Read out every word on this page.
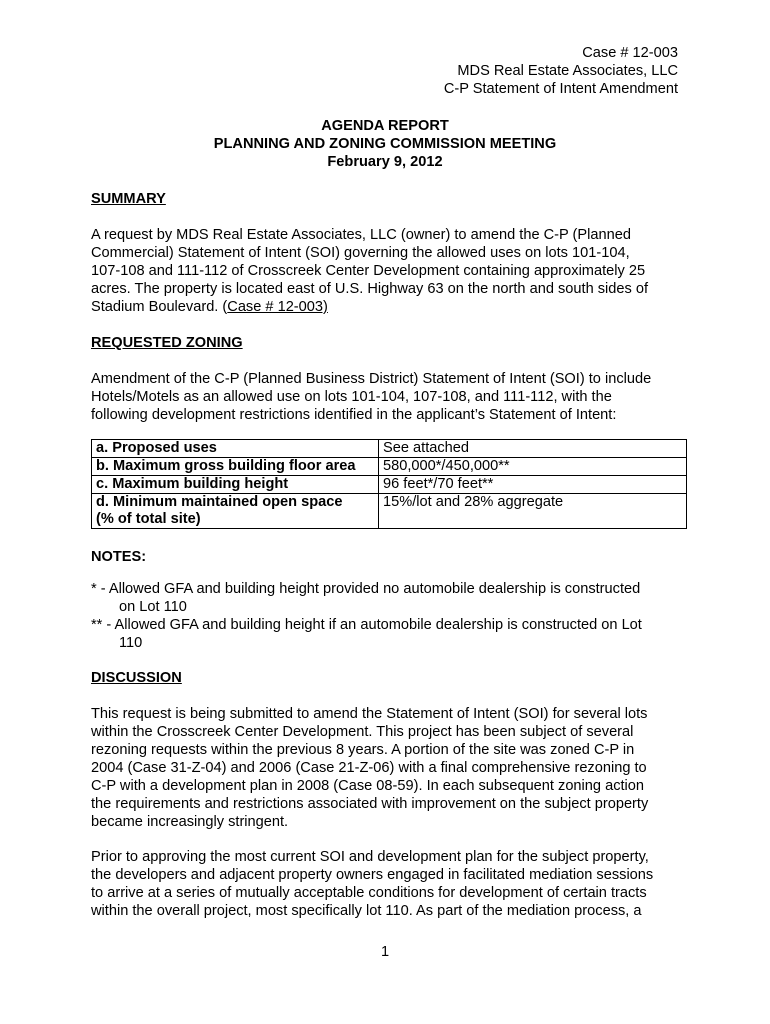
Case # 12-003
MDS Real Estate Associates, LLC
C-P Statement of Intent Amendment
AGENDA REPORT
PLANNING AND ZONING COMMISSION MEETING
February 9, 2012
SUMMARY
A request by MDS Real Estate Associates, LLC (owner) to amend the C-P (Planned
Commercial) Statement of Intent (SOI) governing the allowed uses on lots 101-104,
107-108 and 111-112 of Crosscreek Center Development containing approximately 25
acres. The property is located east of U.S. Highway 63 on the north and south sides of
Stadium Boulevard. (Case # 12-003)
REQUESTED ZONING
Amendment of the C-P (Planned Business District) Statement of Intent (SOI) to include
Hotels/Motels as an allowed use on lots 101-104, 107-108, and 111-112, with the
following development restrictions identified in the applicant’s Statement of Intent:
a. Proposed uses	See attached
b. Maximum gross building floor area	580,000*/450,000**
c. Maximum building height	96 feet*/70 feet**

d. Minimum maintained open space
(% of total site)	15%/lot and 28% aggregate
NOTES:
* - Allowed GFA and building height provided no automobile dealership is constructed
on Lot 110
** - Allowed GFA and building height if an automobile dealership is constructed on Lot
110
DISCUSSION
This request is being submitted to amend the Statement of Intent (SOI) for several lots
within the Crosscreek Center Development. This project has been subject of several
rezoning requests within the previous 8 years. A portion of the site was zoned C-P in
2004 (Case 31-Z-04) and 2006 (Case 21-Z-06) with a final comprehensive rezoning to
C-P with a development plan in 2008 (Case 08-59). In each subsequent zoning action
the requirements and restrictions associated with improvement on the subject property
became increasingly stringent.
Prior to approving the most current SOI and development plan for the subject property,
the developers and adjacent property owners engaged in facilitated mediation sessions
to arrive at a series of mutually acceptable conditions for development of certain tracts
within the overall project, most specifically lot 110. As part of the mediation process, a
1
